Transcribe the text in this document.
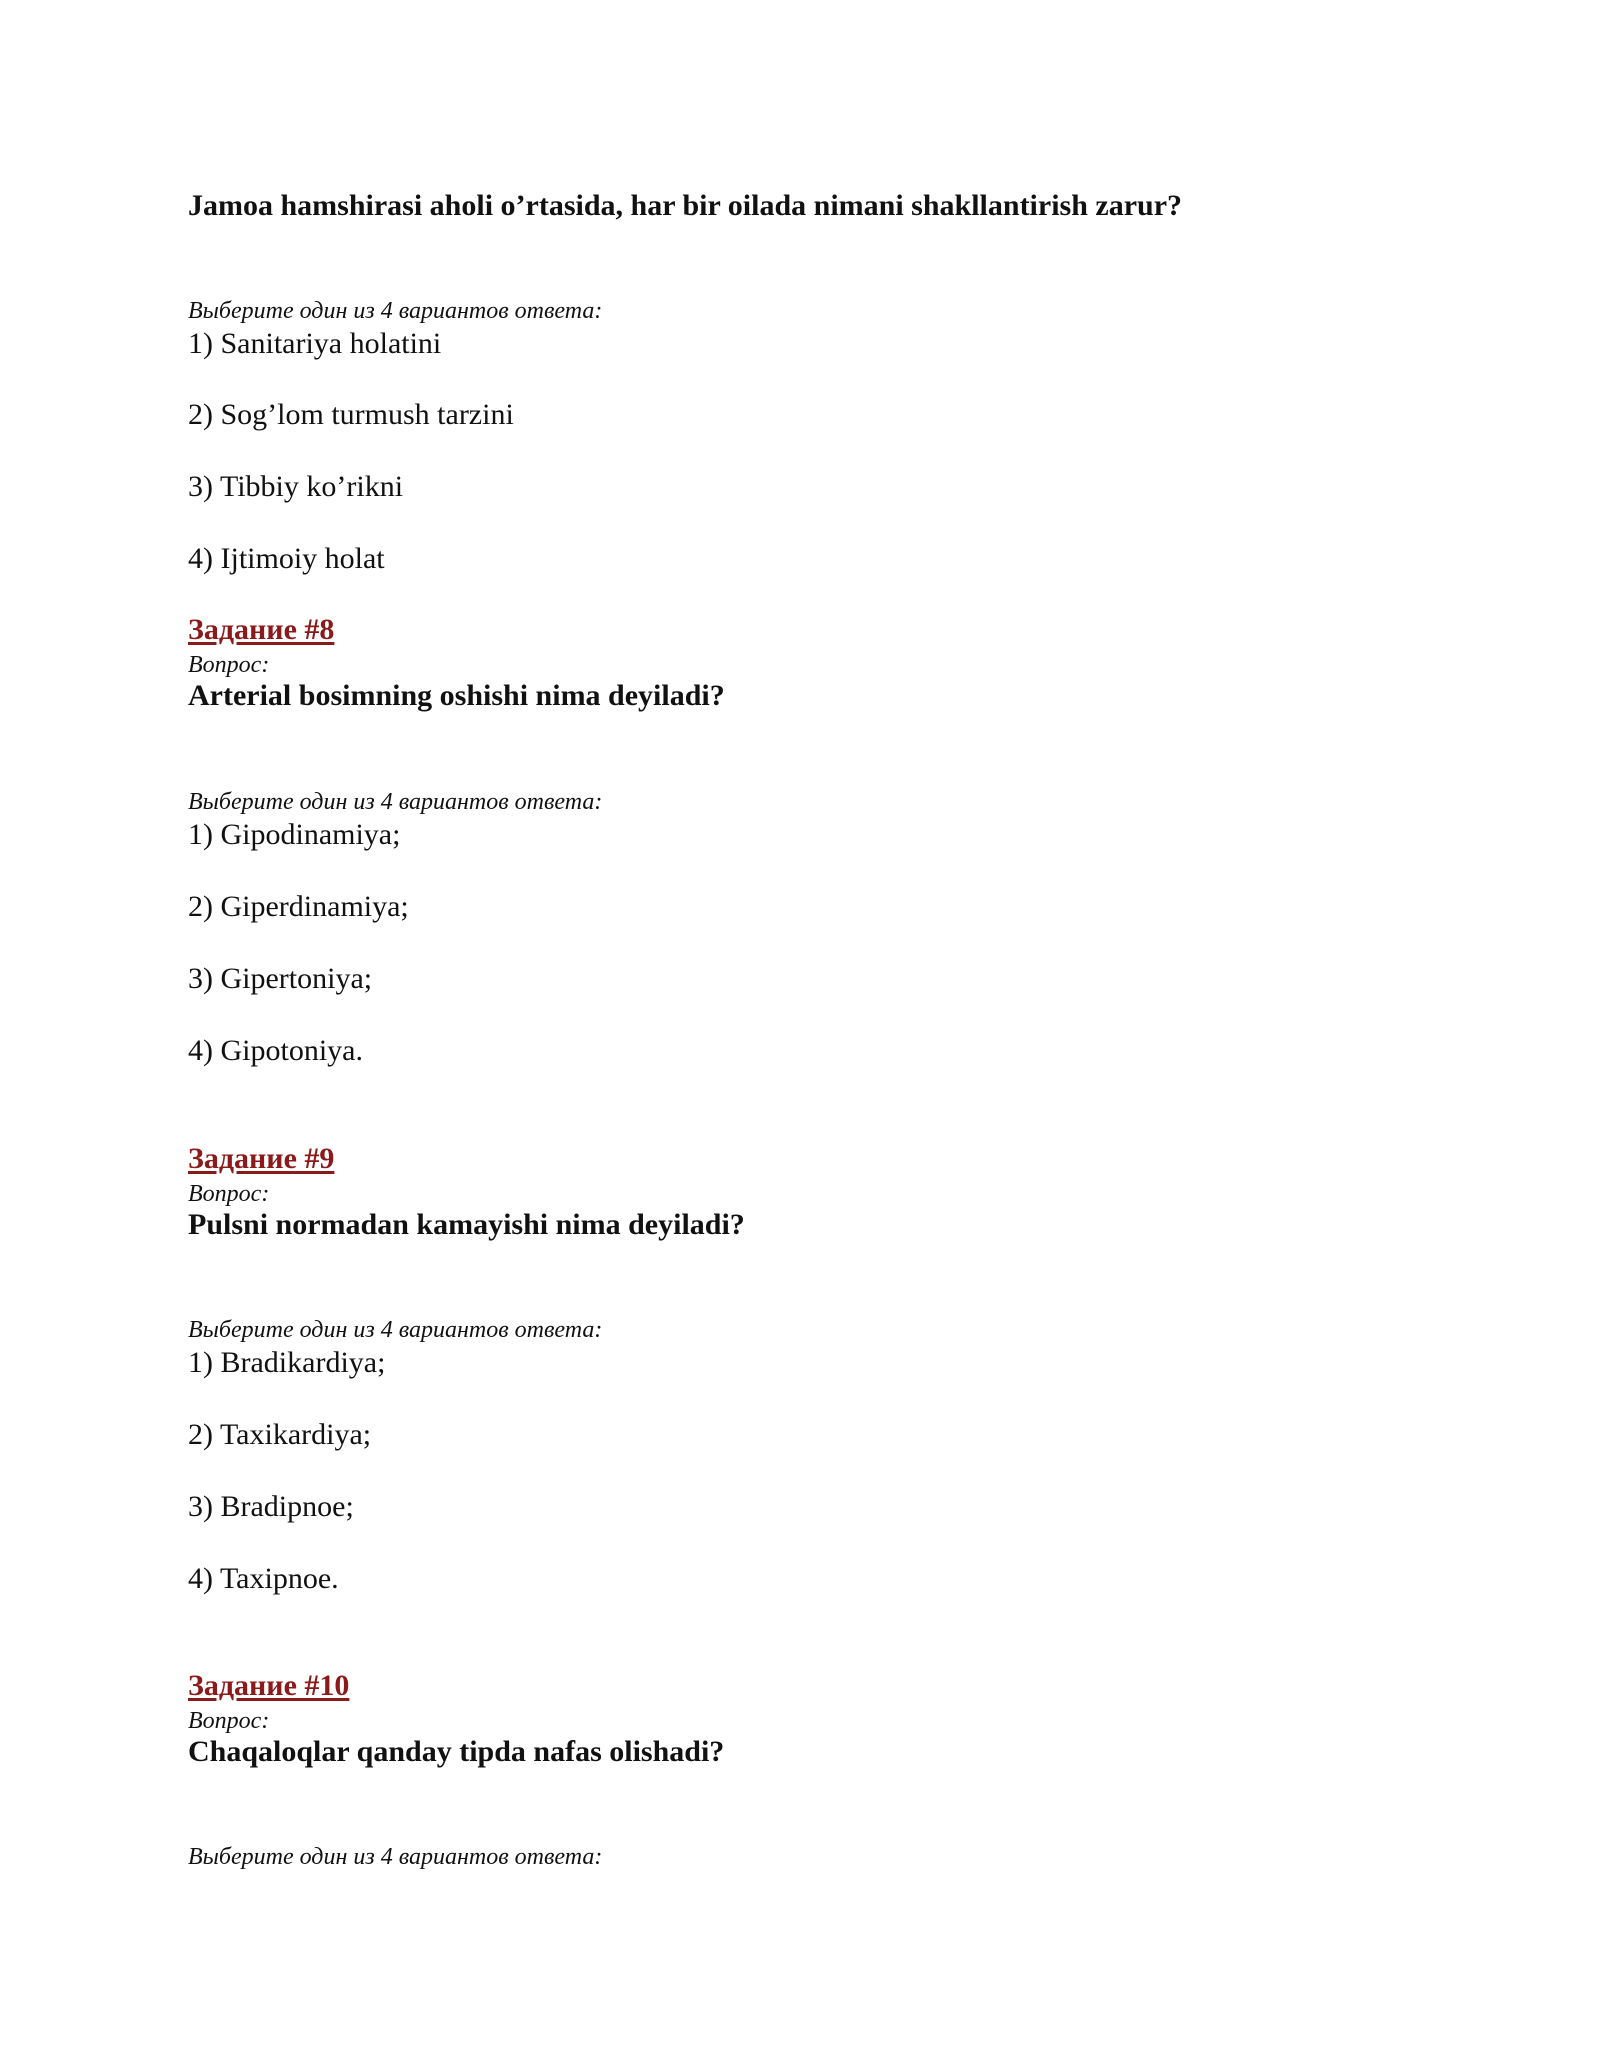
Jamoa hamshirasi aholi o’rtasida, har bir oilada nimani shakllantirish zarur?
Выберите один из 4 вариантов ответа:
1) Sanitariya holatini
2) Sog’lom turmush tarzini
3) Tibbiy ko’rikni
4) Ijtimoiy holat
Задание #8
Вопрос:
Arterial bosimning oshishi nima deyiladi?
Выберите один из 4 вариантов ответа:
1) Gipodinamiya;
2) Giperdinamiya;
3) Gipertoniya;
4) Gipotoniya.
Задание #9
Вопрос:
Pulsni normadan kamayishi nima deyiladi?
Выберите один из 4 вариантов ответа:
1) Bradikardiya;
2) Taxikardiya;
3) Bradipnoe;
4) Taxipnoe.
Задание #10
Вопрос:
Chaqaloqlar qanday tipda nafas olishadi?
Выберите один из 4 вариантов ответа:
